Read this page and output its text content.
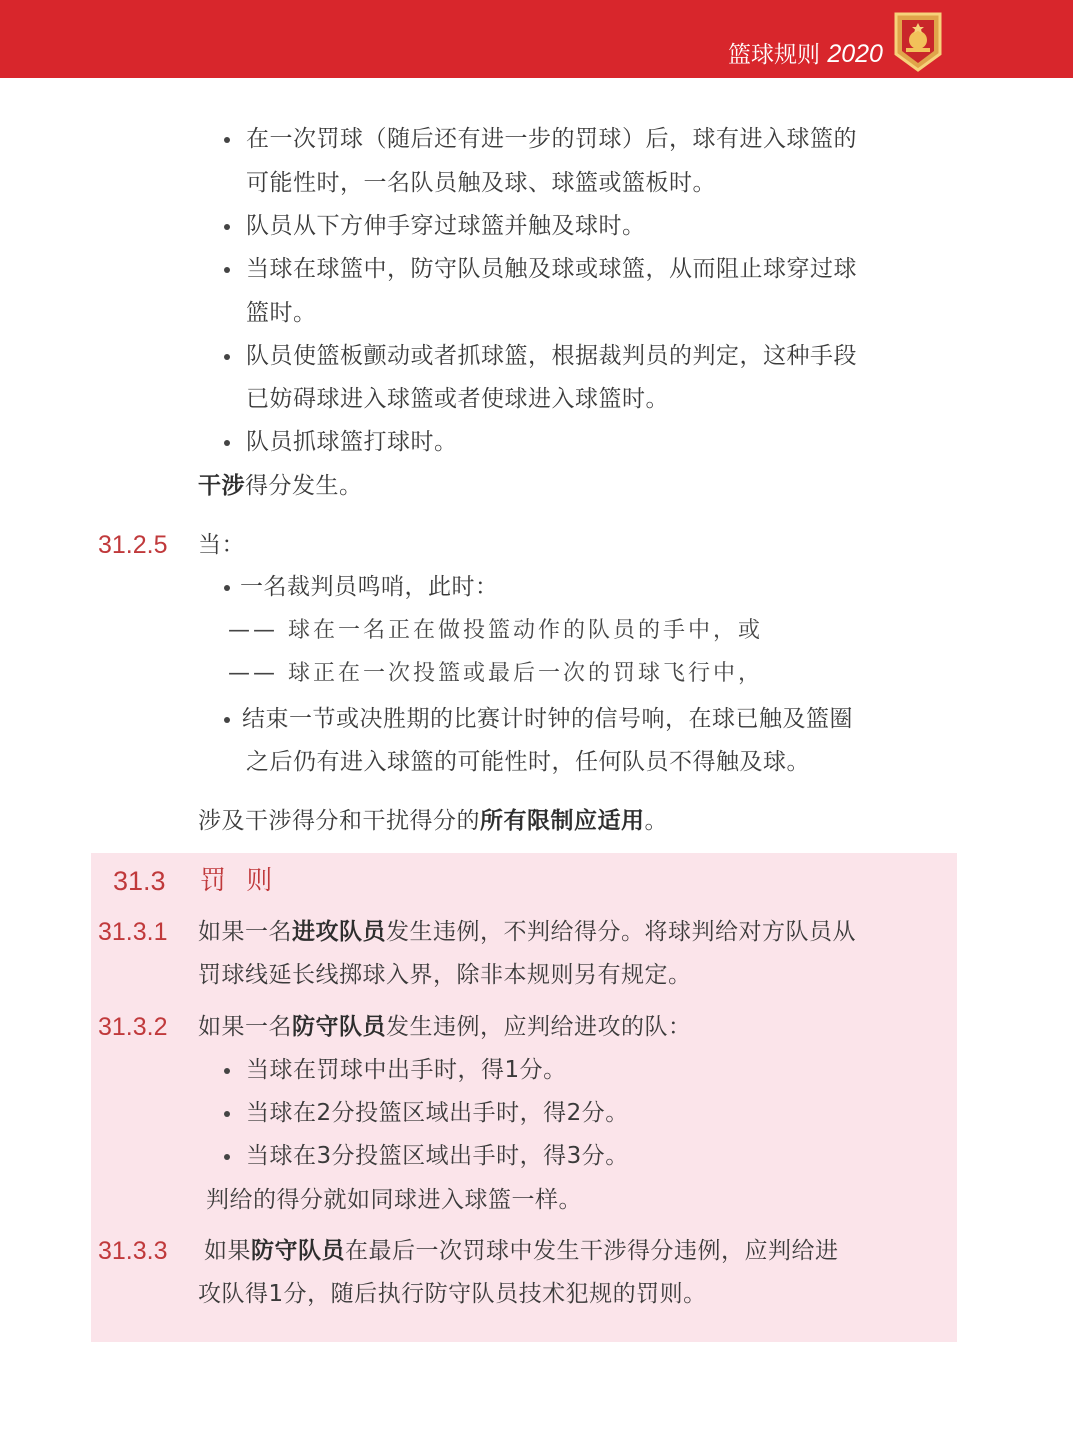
篮球规则 2020
在一次罚球（随后还有进一步的罚球）后，球有进入球篮的
可能性时，一名队员触及球、球篮或篮板时。
队员从下方伸手穿过球篮并触及球时。
当球在球篮中，防守队员触及球或球篮，从而阻止球穿过球
篮时。
队员使篮板颤动或者抓球篮，根据裁判员的判定，这种手段
已妨碍球进入球篮或者使球进入球篮时。
队员抓球篮打球时。
干涉得分发生。
31.2.5 当：
一名裁判员鸣哨，此时：
—— 球在一名正在做投篮动作的队员的手中，或
—— 球正在一次投篮或最后一次的罚球飞行中，
结束一节或决胜期的比赛计时钟的信号响，在球已触及篮圈
之后仍有进入球篮的可能性时，任何队员不得触及球。
涉及干涉得分和干扰得分的所有限制应适用。
31.3 罚 则
31.3.1 如果一名进攻队员发生违例，不判给得分。将球判给对方队员从
罚球线延长线掷球入界，除非本规则另有规定。
31.3.2 如果一名防守队员发生违例，应判给进攻的队：
当球在罚球中出手时，得1分。
当球在2分投篮区域出手时，得2分。
当球在3分投篮区域出手时，得3分。
判给的得分就如同球进入球篮一样。
31.3.3 如果防守队员在最后一次罚球中发生干涉得分违例，应判给进
攻队得1分，随后执行防守队员技术犯规的罚则。
